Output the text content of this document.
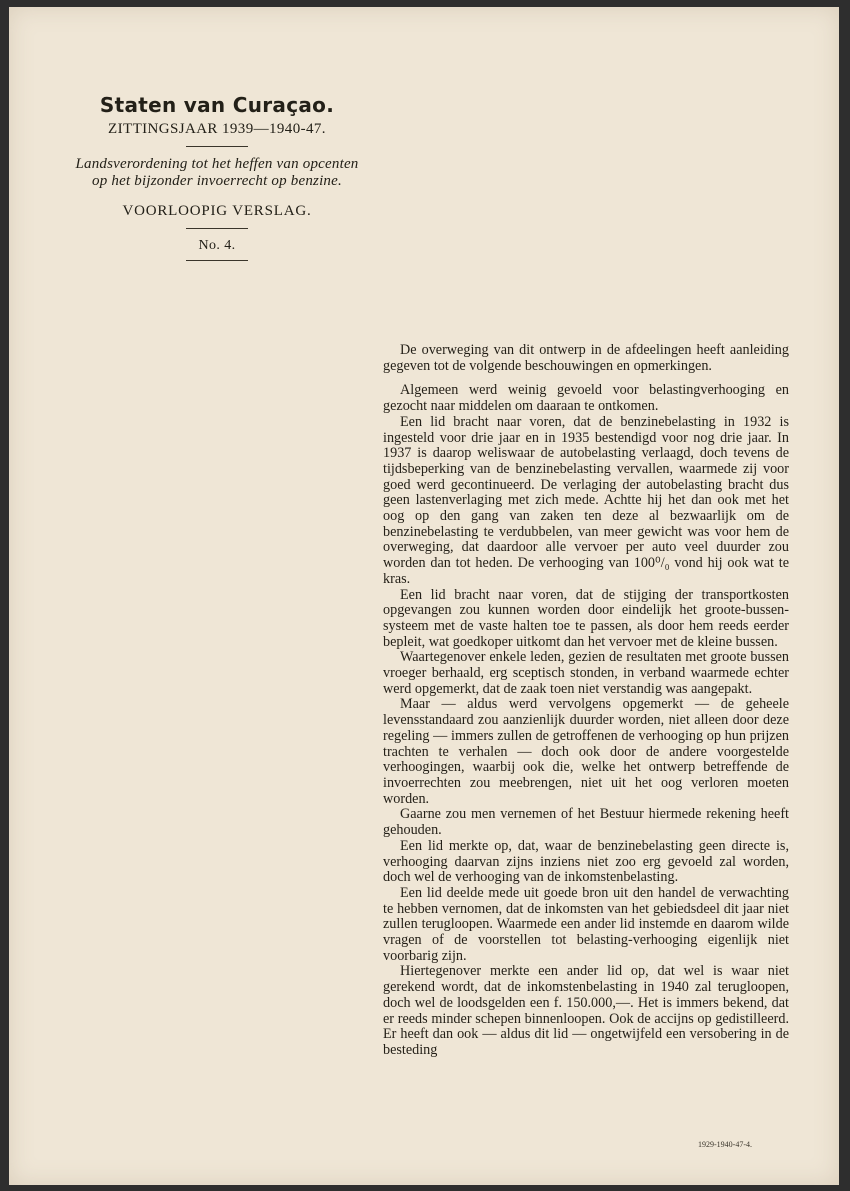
Staten van Curaçao.
ZITTINGSJAAR 1939—1940-47.
Landsverordening tot het heffen van opcenten
op het bijzonder invoerrecht op benzine.
VOORLOOPIG VERSLAG.
No. 4.

De overweging van dit ontwerp in de afdeelingen heeft aanleiding gegeven tot de volgende beschouwingen en opmerkingen.

Algemeen werd weinig gevoeld voor belastingverhooging en gezocht naar middelen om daaraan te ontkomen.

Een lid bracht naar voren, dat de benzinebelasting in 1932 is ingesteld voor drie jaar en in 1935 bestendigd voor nog drie jaar. In 1937 is daarop weliswaar de autobelasting verlaagd, doch tevens de tijdsbeperking van de benzinebelasting vervallen, waarmede zij voor goed werd gecontinueerd. De verlaging der autobelasting bracht dus geen lastenverlaging met zich mede. Achtte hij het dan ook met het oog op den gang van zaken ten deze al bezwaarlijk om de benzinebelasting te verdubbelen, van meer gewicht was voor hem de overweging, dat daardoor alle vervoer per auto veel duurder zou worden dan tot heden. De verhooging van 100⁰/₀ vond hij ook wat te kras.

Een lid bracht naar voren, dat de stijging der transportkosten opgevangen zou kunnen worden door eindelijk het groote-bussen-systeem met de vaste halten toe te passen, als door hem reeds eerder bepleit, wat goedkoper uitkomt dan het vervoer met de kleine bussen.

Waartegenover enkele leden, gezien de resultaten met groote bussen vroeger berhaald, erg sceptisch stonden, in verband waarmede echter werd opgemerkt, dat de zaak toen niet verstandig was aangepakt.

Maar — aldus werd vervolgens opgemerkt — de geheele levensstandaard zou aanzienlijk duurder worden, niet alleen door deze regeling — immers zullen de getroffenen de verhooging op hun prijzen trachten te verhalen — doch ook door de andere voorgestelde verhoogingen, waarbij ook die, welke het ontwerp betreffende de invoerrechten zou meebrengen, niet uit het oog verloren moeten worden.

Gaarne zou men vernemen of het Bestuur hiermede rekening heeft gehouden.

Een lid merkte op, dat, waar de benzinebelasting geen directe is, verhooging daarvan zijns inziens niet zoo erg gevoeld zal worden, doch wel de verhooging van de inkomstenbelasting.

Een lid deelde mede uit goede bron uit den handel de verwachting te hebben vernomen, dat de inkomsten van het gebiedsdeel dit jaar niet zullen terugloopen. Waarmede een ander lid instemde en daarom wilde vragen of de voorstellen tot belasting-verhooging eigenlijk niet voorbarig zijn.

Hiertegenover merkte een ander lid op, dat wel is waar niet gerekend wordt, dat de inkomstenbelasting in 1940 zal terugloopen, doch wel de loodsgelden een f. 150.000,—. Het is immers bekend, dat er reeds minder schepen binnenloopen. Ook de accijns op gedistilleerd. Er heeft dan ook — aldus dit lid — ongetwijfeld een versobering in de besteding

1929-1940-47-4.
